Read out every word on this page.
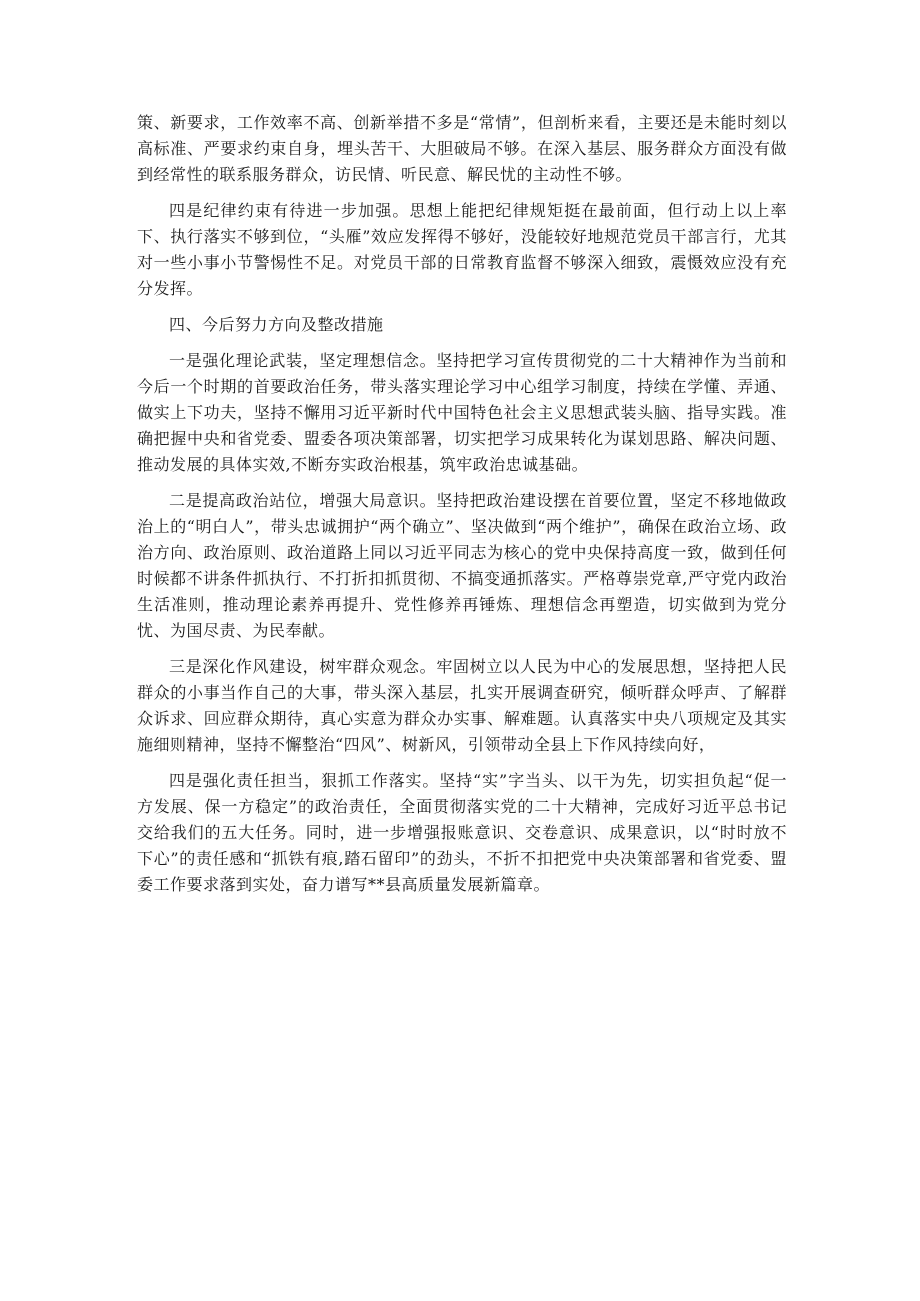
策、新要求，工作效率不高、创新举措不多是“常情”，但剖析来看，主要还是未能时刻以高标准、严要求约束自身，埋头苦干、大胆破局不够。在深入基层、服务群众方面没有做到经常性的联系服务群众，访民情、听民意、解民忧的主动性不够。

四是纪律约束有待进一步加强。思想上能把纪律规矩挺在最前面，但行动上以上率下、执行落实不够到位，“头雁”效应发挥得不够好，没能较好地规范党员干部言行，尤其对一些小事小节警惕性不足。对党员干部的日常教育监督不够深入细致，震慑效应没有充分发挥。

四、今后努力方向及整改措施

一是强化理论武装，坚定理想信念。坚持把学习宣传贯彻党的二十大精神作为当前和今后一个时期的首要政治任务，带头落实理论学习中心组学习制度，持续在学懂、弄通、做实上下功夫，坚持不懈用习近平新时代中国特色社会主义思想武装头脑、指导实践。准确把握中央和省党委、盟委各项决策部署，切实把学习成果转化为谋划思路、解决问题、推动发展的具体实效,不断夯实政治根基，筑牢政治忠诚基础。

二是提高政治站位，增强大局意识。坚持把政治建设摆在首要位置，坚定不移地做政治上的“明白人”，带头忠诚拥护“两个确立”、坚决做到“两个维护”，确保在政治立场、政治方向、政治原则、政治道路上同以习近平同志为核心的党中央保持高度一致，做到任何时候都不讲条件抓执行、不打折扣抓贯彻、不搞变通抓落实。严格尊崇党章,严守党内政治生活准则，推动理论素养再提升、党性修养再锤炼、理想信念再塑造，切实做到为党分忧、为国尽责、为民奉献。

三是深化作风建设，树牢群众观念。牢固树立以人民为中心的发展思想，坚持把人民群众的小事当作自己的大事，带头深入基层，扎实开展调查研究，倾听群众呼声、了解群众诉求、回应群众期待，真心实意为群众办实事、解难题。认真落实中央八项规定及其实施细则精神，坚持不懈整治“四风”、树新风，引领带动全县上下作风持续向好，

四是强化责任担当，狠抓工作落实。坚持“实”字当头、以干为先，切实担负起“促一方发展、保一方稳定”的政治责任，全面贯彻落实党的二十大精神，完成好习近平总书记交给我们的五大任务。同时，进一步增强报账意识、交卷意识、成果意识，以“时时放不下心”的责任感和“抓铁有痕,踏石留印”的劲头，不折不扣把党中央决策部署和省党委、盟委工作要求落到实处，奋力谱写**县高质量发展新篇章。
